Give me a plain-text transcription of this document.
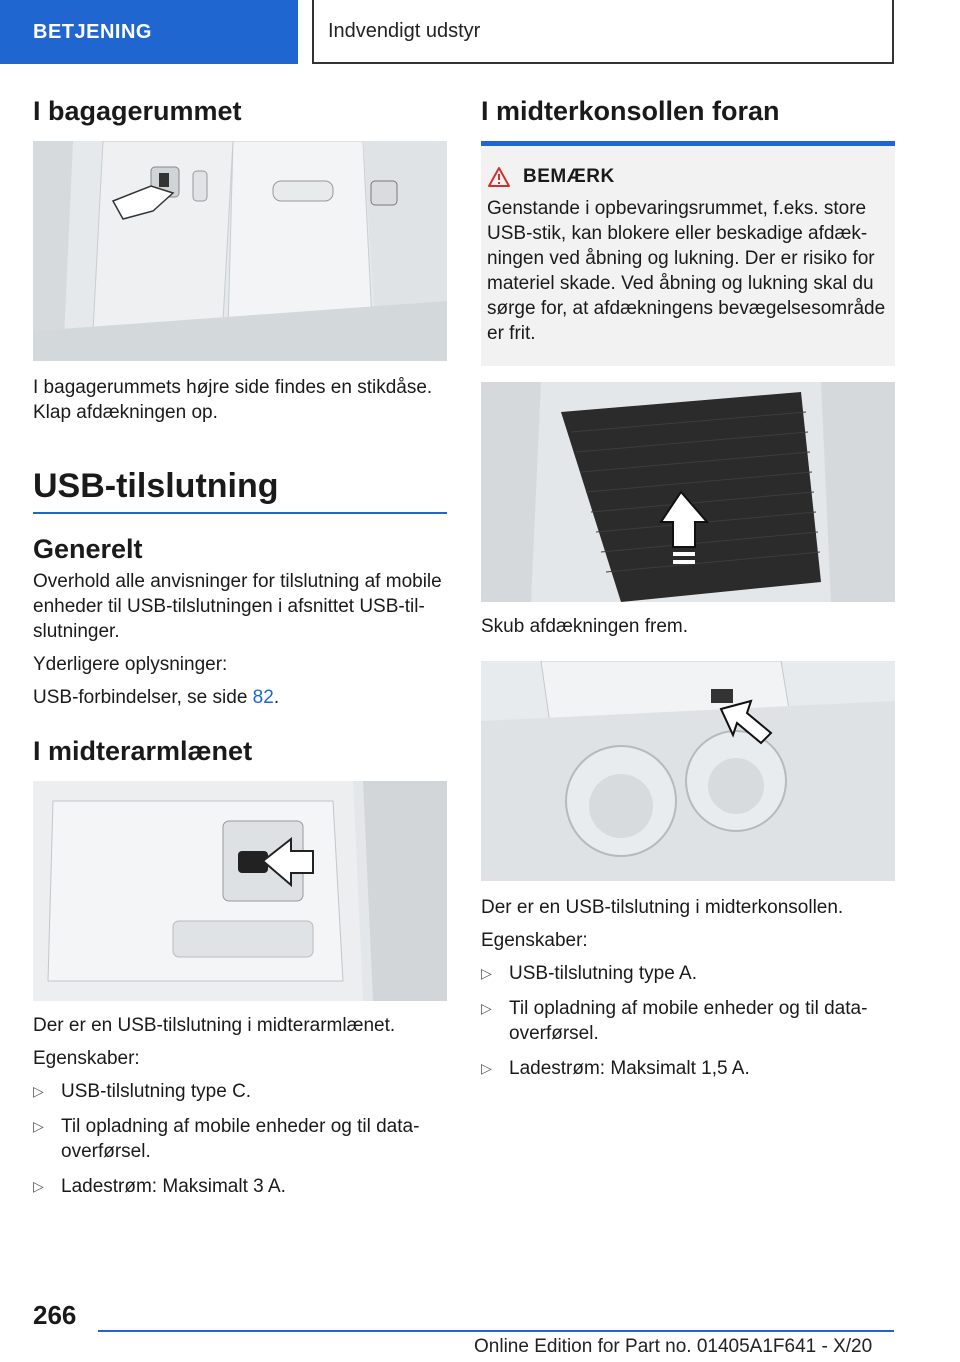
BETJENING	Indvendigt udstyr
I bagagerummet

I bagagerummets højre side findes en stikdåse.
Klap afdækningen op.

USB-tilslutning
Generelt

Overhold alle anvisninger for tilslutning af mobile enheder til USB-tilslutningen i afsnittet USB-tilslutninger.

Yderligere oplysninger:

USB-forbindelser, se side 82.

I midterarmlænet

Der er en USB-tilslutning i midterarmlænet.

Egenskaber:

▷ USB-tilslutning type C.
▷ Til opladning af mobile enheder og til dataoverførsel.
▷ Ladestrøm: Maksimalt 3 A.
I midterkonsollen foran
BEMÆRK

Genstande i opbevaringsrummet, f.eks. store USB-stik, kan blokere eller beskadige afdækningen ved åbning og lukning. Der er risiko for materiel skade. Ved åbning og lukning skal du sørge for, at afdækningens bevægelsesområde er frit.

Skub afdækningen frem.

Der er en USB-tilslutning i midterkonsollen.

Egenskaber:

▷ USB-tilslutning type A.
▷ Til opladning af mobile enheder og til dataoverførsel.
▷ Ladestrøm: Maksimalt 1,5 A.
266
Online Edition for Part no. 01405A1F641 - X/20
